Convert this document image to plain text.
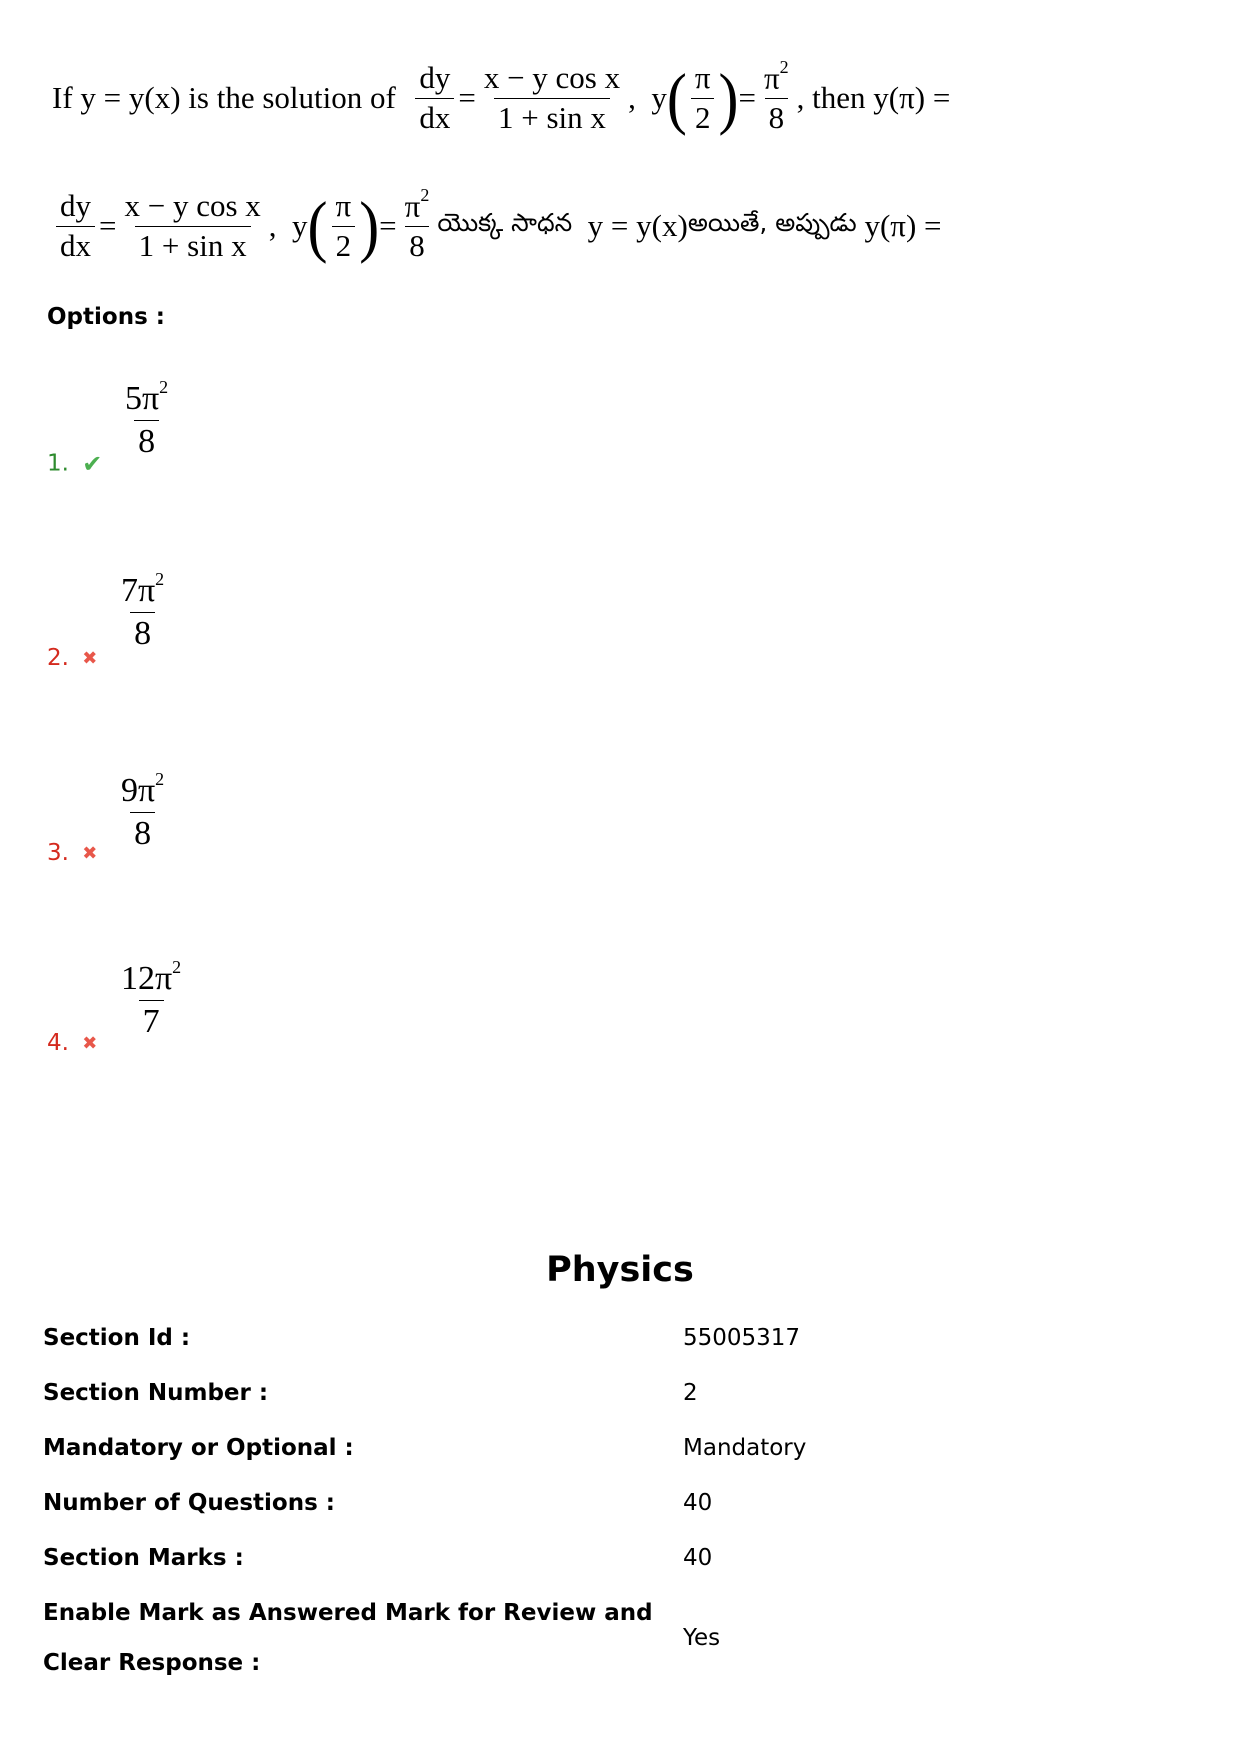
If
y = y(x)
is the solution of
$\frac{dy}{dx} = \frac{\text{x − y cos x}}{\text{1 + sin x}}$ ,
y ( $\frac{\pi}{2}$ ) = $\frac{\pi^2}{8}$ , then
y(π) =
$\frac{dy}{dx} = \frac{\text{x − y cos x}}{\text{1 + sin x}}$ ,
y ( $\frac{\pi}{2}$ ) = $\frac{\pi^2}{8}$ యొక్క సాధన
y = y(x) అయితే, అప్పుడు
y(π) =
Options :
$\frac{5\pi^2}{8}$
1. ✔
$\frac{7\pi^2}{8}$
2. ✖
$\frac{9\pi^2}{8}$
3. ✖
$\frac{12\pi^2}{7}$
4. ✖
Physics
Section Id :	55005317
Section Number :	2
Mandatory or Optional :	Mandatory
Number of Questions :	40
Section Marks :	40
Enable Mark as Answered Mark for Review and
Clear Response :
Yes
